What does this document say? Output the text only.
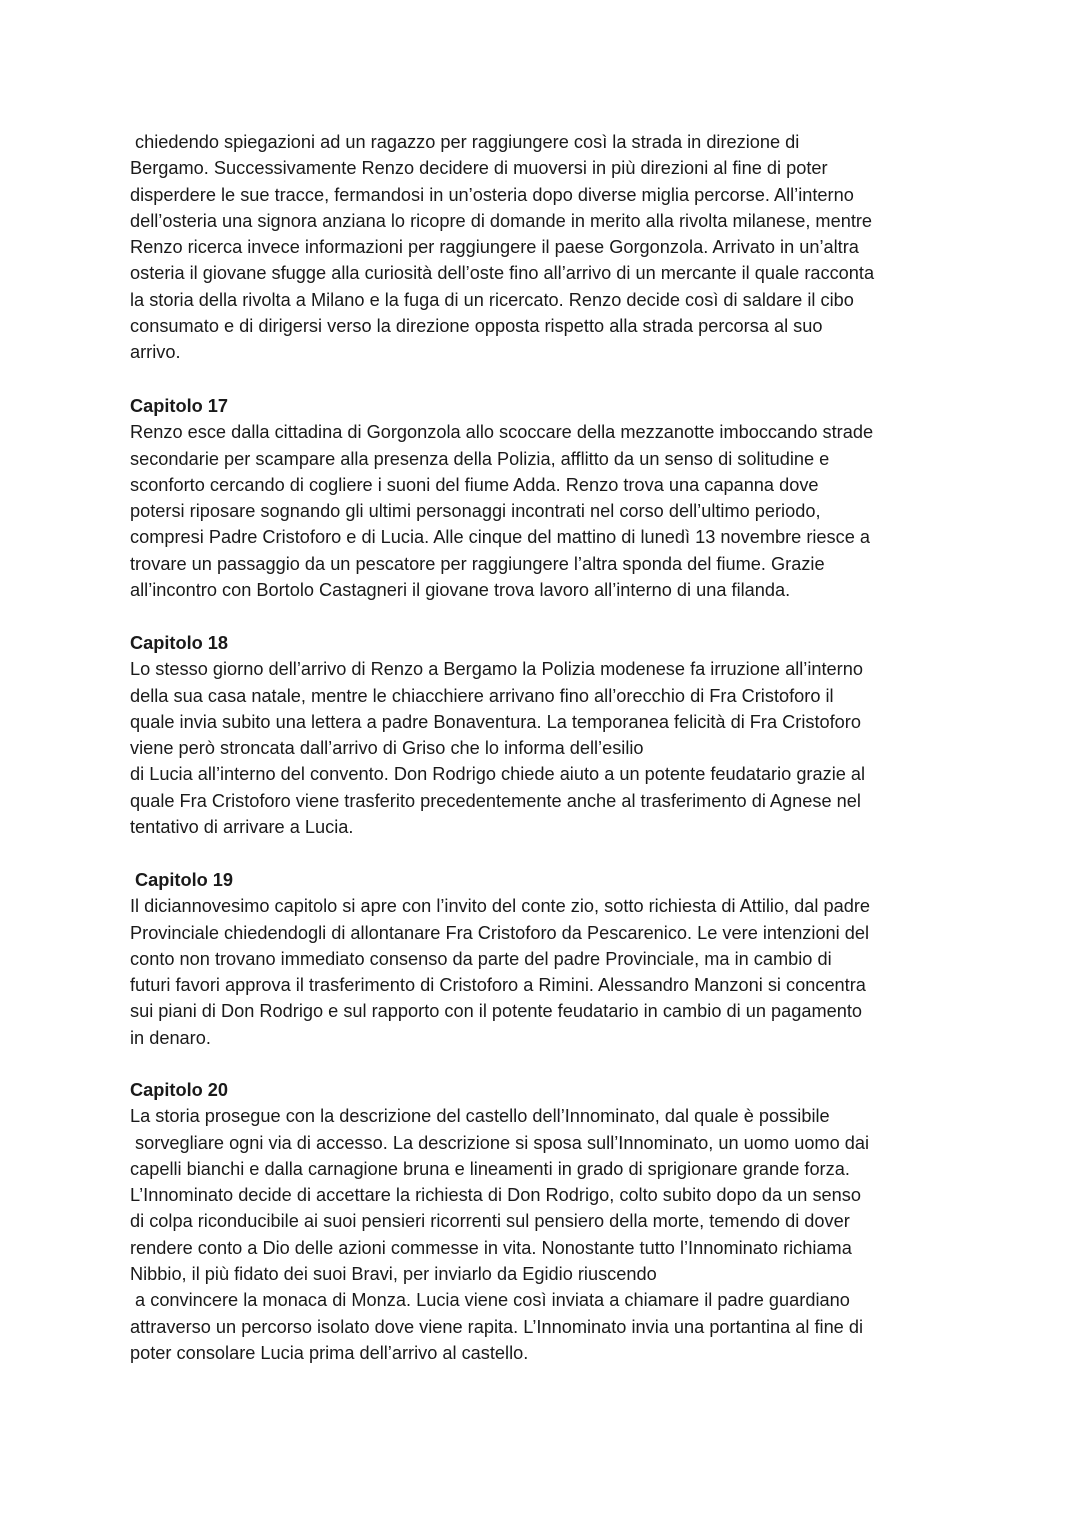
chiedendo spiegazioni ad un ragazzo per raggiungere così la strada in direzione di
Bergamo. Successivamente Renzo decidere di muoversi in più direzioni al fine di poter
disperdere le sue tracce, fermandosi in un’osteria dopo diverse miglia percorse. All’interno
dell’osteria una signora anziana lo ricopre di domande in merito alla rivolta milanese, mentre
Renzo ricerca invece informazioni per raggiungere il paese Gorgonzola. Arrivato in un’altra
osteria il giovane sfugge alla curiosità dell’oste fino all’arrivo di un mercante il quale racconta
la storia della rivolta a Milano e la fuga di un ricercato. Renzo decide così di saldare il cibo
consumato e di dirigersi verso la direzione opposta rispetto alla strada percorsa al suo
arrivo.
Capitolo 17
Renzo esce dalla cittadina di Gorgonzola allo scoccare della mezzanotte imboccando strade
secondarie per scampare alla presenza della Polizia, afflitto da un senso di solitudine e
sconforto cercando di cogliere i suoni del fiume Adda. Renzo trova una capanna dove
potersi riposare sognando gli ultimi personaggi incontrati nel corso dell’ultimo periodo,
compresi Padre Cristoforo e di Lucia. Alle cinque del mattino di lunedì 13 novembre riesce a
trovare un passaggio da un pescatore per raggiungere l’altra sponda del fiume. Grazie
all’incontro con Bortolo Castagneri il giovane trova lavoro all’interno di una filanda.
Capitolo 18
Lo stesso giorno dell’arrivo di Renzo a Bergamo la Polizia modenese fa irruzione all’interno
della sua casa natale, mentre le chiacchiere arrivano fino all’orecchio di Fra Cristoforo il
quale invia subito una lettera a padre Bonaventura. La temporanea felicità di Fra Cristoforo
viene però stroncata dall’arrivo di Griso che lo informa dell’esilio
di Lucia all’interno del convento. Don Rodrigo chiede aiuto a un potente feudatario grazie al
quale Fra Cristoforo viene trasferito precedentemente anche al trasferimento di Agnese nel
tentativo di arrivare a Lucia.
Capitolo 19
Il diciannovesimo capitolo si apre con l’invito del conte zio, sotto richiesta di Attilio, dal padre
Provinciale chiedendogli di allontanare Fra Cristoforo da Pescarenico. Le vere intenzioni del
conto non trovano immediato consenso da parte del padre Provinciale, ma in cambio di
futuri favori approva il trasferimento di Cristoforo a Rimini. Alessandro Manzoni si concentra
sui piani di Don Rodrigo e sul rapporto con il potente feudatario in cambio di un pagamento
in denaro.
Capitolo 20
La storia prosegue con la descrizione del castello dell’Innominato, dal quale è possibile
sorvegliare ogni via di accesso. La descrizione si sposa sull’Innominato, un uomo uomo dai
capelli bianchi e dalla carnagione bruna e lineamenti in grado di sprigionare grande forza.
L’Innominato decide di accettare la richiesta di Don Rodrigo, colto subito dopo da un senso
di colpa riconducibile ai suoi pensieri ricorrenti sul pensiero della morte, temendo di dover
rendere conto a Dio delle azioni commesse in vita. Nonostante tutto l’Innominato richiama
Nibbio, il più fidato dei suoi Bravi, per inviarlo da Egidio riuscendo
a convincere la monaca di Monza. Lucia viene così inviata a chiamare il padre guardiano
attraverso un percorso isolato dove viene rapita. L’Innominato invia una portantina al fine di
poter consolare Lucia prima dell’arrivo al castello.
